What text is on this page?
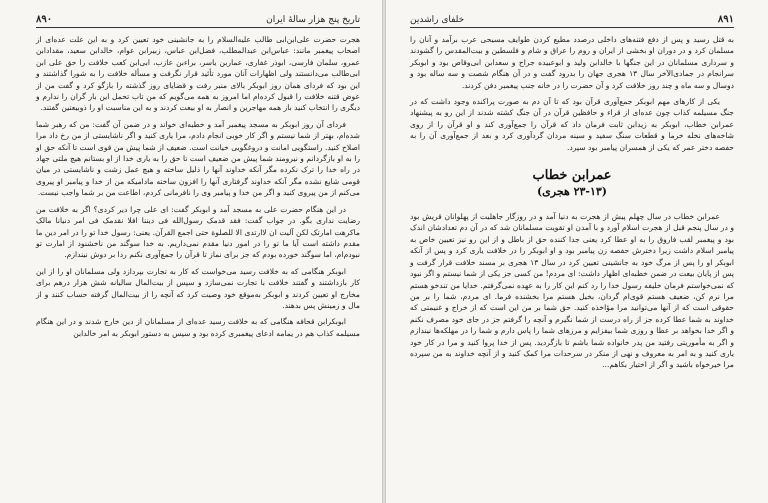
۸۹۰	تاریخ پنج هزار سالهٔ ایران

هجرت حضرت علی‌ابن‌ابی طالب علیه‌السلام را به جانشینی خود تعیین کرد و به این علت عده‌ای از اصحاب پیغمبر مانند: عباس‌ابن عبدالمطلب، فضل‌ابن عباس، زبیرابن عوام، خالدابن سعید، مقدادابن عمرو، سلمان فارسی، ابوذر غفاری، عماربن یاسر، براءبن عازب، ابی‌ابن کعب خلافت را حق علی ابن ابی‌طالب می‌دانستند ولی اظهارات آنان مورد تأئید قرار نگرفت و مسأله خلافت را به شورا گذاشتند و این بود که فردای همان روز ابوبکر بالای منبر رفت و قضایای روز گذشته را بازگو کرد و گفت من از عوض قتنه خلافت را قبول کرده‌ام اما امروز به همه می‌گویم که من تاب تحمل این بار گران را ندارم و دیگری را انتخاب کنید باز همه مهاجرین و انصار به او بیعت کردند و به این مناسبت او را ذوبیعتین گفتند.

فردای آن روز ابوبکر به مسجد پیغمبر آمد و خطبه‌ای خواند و در ضمن آن گفت: من که رهبر شما شده‌ام، بهتر از شما نیستم و اگر کار خوبی انجام دادم، مرا یاری کنید و اگر ناشایستی از من رخ داد مرا اصلاح کنید. راستگویی امانت و دروغگویی خیانت است. ضعیف از شما پیش من قوی است تا آنکه حق او را به او بازگردانم و نیرومند شما پیش من ضعیف است تا حق را به یاری خدا از او بستانم هیچ ملتی جهاد در راه خدا را ترک نکرده مگر آنکه خداوند آنها را ذلیل ساخته و هیچ عمل زشت و ناشایستی در میان قومی شایع نشده مگر آنکه خداوند گرفتاری آنها را افزون ساخته مادامیکه من از خدا و پیامبر او پیروی می‌کنم از من پیروی کنید و اگر من خدا و پیامبر وی را نافرمانی کردم، اطاعت من بر شما واجب نیست.

در این هنگام حضرت علی به مسجد آمد و ابوبکر گفت: ای علی چرا دیر کردی؟ اگر به خلافت من رضایت نداری بگو. در جواب گفت: فقد قدمک رسول‌الله فی دیننا افلا نقدمک فی امر دنیانا مالک ماکرهت امارتک لکن آلیت ان لاارتدی الا للصلوة حتی اجمع القرآن. یعنی: رسول خدا تو را در امر دین ما مقدم داشته است آیا ما تو را در امور دنیا مقدم نمی‌داریم. به خدا سوگند من ناخشنود از امارت تو نبودم‌ام، اما سوگند خورده بودم که جز برای نماز تا قرآن را جمع‌آوری نکنم ردا بر دوش نیندازم.

ابوبکر هنگامی که به خلافت رسید می‌خواست که کار به تجارت بپردازد ولی مسلمانان او را از این کار بازداشتند و گفتند خلافت با تجارت نمی‌سازد و سپس از بیت‌المال سالیانه شش هزار درهم برای مخارج او تعیین کردند و ابوبکر به‌موقع خود وصیت کرد که آنچه را از بیت‌المال گرفته حساب کنند و از مال و زمینش پس بدهند.

ابوبکرابن قحافه هنگامی که به خلافت رسید عده‌ای از مسلمانان از دین خارج شدند و در این هنگام مسیلمه کذاب هم در یمامه ادعای پیغمبری کرده بود و سپس به دستور ابوبکر به امر خالدابن

خلفای راشدین	۸۹۱

به قتل رسید و پس از دفع فتنه‌های داخلی درصدد مطیع کردن طوایف مسیحی عرب برآمد و آنان را مسلمان کرد و در دوران او بخشی از ایران و روم را عراق و شام و فلسطین و بیت‌المقدس را گشودند و سرداری مسلمانان در این جنگها با خالدابن ولید و ابوعبیده جراح و سعدابن ابی‌وقاص بود و ابوبکر سرانجام در جمادی‌الآخر سال ۱۳ هجری جهان را بدرود گفت و در آن هنگام شصت و سه ساله بود و دوسال و سه ماه و چند روز خلافت کرد و آن حضرت را در خانه جنب پیغمبر دفن کردند.

یکی از کارهای مهم ابوبکر جمع‌آوری قرآن بود که تا آن دم به صورت پراکنده وجود داشت که در جنگ مسیلمه کذاب چون عده‌ای از قراء و حافظین قرآن در آن جنگ کشته شدند از این رو به پیشنهاد عمرابن خطاب، ابوبکر به زیدابن ثابت فرمان داد که قرآن را جمع‌آوری کند و او قرآن را از روی شاخه‌های نخله خرما و قطعات سنگ سفید و سینه مردان گردآوری کرد و بعد از جمع‌آوری آن را به حفصه دختر عمر که یکی از همسران پیامبر بود سپرد.

عمرابن خطاب
(۲۳-۱۳ هجری)

عمرابن خطاب در سال چهلم پیش از هجرت به دنیا آمد و در روزگار جاهلیت از پهلوانان قریش بود و در سال پنجم قبل از هجرت اسلام آورد و با آمدن او تقویت مسلمانان شد که در آن دم تعدادشان اندک بود و پیغمبر لقب فاروق را به او عطا کرد یعنی جدا کننده حق از باطل و از این رو نیز تعیین خاص به پیامبر اسلام داشت زیرا دخترش حفصه زن پیامبر بود و او ابوبکر را در خلافت یاری کرد و پس از آنکه ابوبکر او را پس از مرگ خود به جانشینی تعیین کرد در سال ۱۳ هجری بر مسند خلافت قرار گرفت و پس از پایان بیعت در ضمن خطبه‌ای اظهار داشت: ای مردم! من کسی جز یکی از شما نیستم و اگر نبود که نمی‌خواستم فرمان خلیفه رسول خدا را رد کنم این کار را به عهده نمی‌گرفتم. خدایا من تندخو هستم مرا نرم کن، ضعیف هستم قوی‌ام گردان، بخیل هستم مرا بخشنده فرما. ای مردم، شما را بر من حقوقی است که از آنها می‌توانید مرا مؤاخذه کنید. حق شما بر من این است که از خراج و غنیمتی که خداوند به شما عطا کرده جز از راه درست از شما نگیرم و آنچه را گرفتم جز در جای خود مصرف نکنم و اگر خدا بخواهد بر عطا و روزی شما بیفزایم و مرزهای شما را پاس دارم و شما را در مهلکه‌ها نیندازم و اگر به مأموریتی رفتید من پدر خانواده شما باشم تا بازگردید. پس از خدا پروا کنید و مرا در کار خود یاری کنید و به امر به معروف و نهی از منکر در سرحدات مرا کمک کنید و از آنچه خداوند به من سپرده مرا خیرخواه باشید و اگر از اختیار بکاهم...
